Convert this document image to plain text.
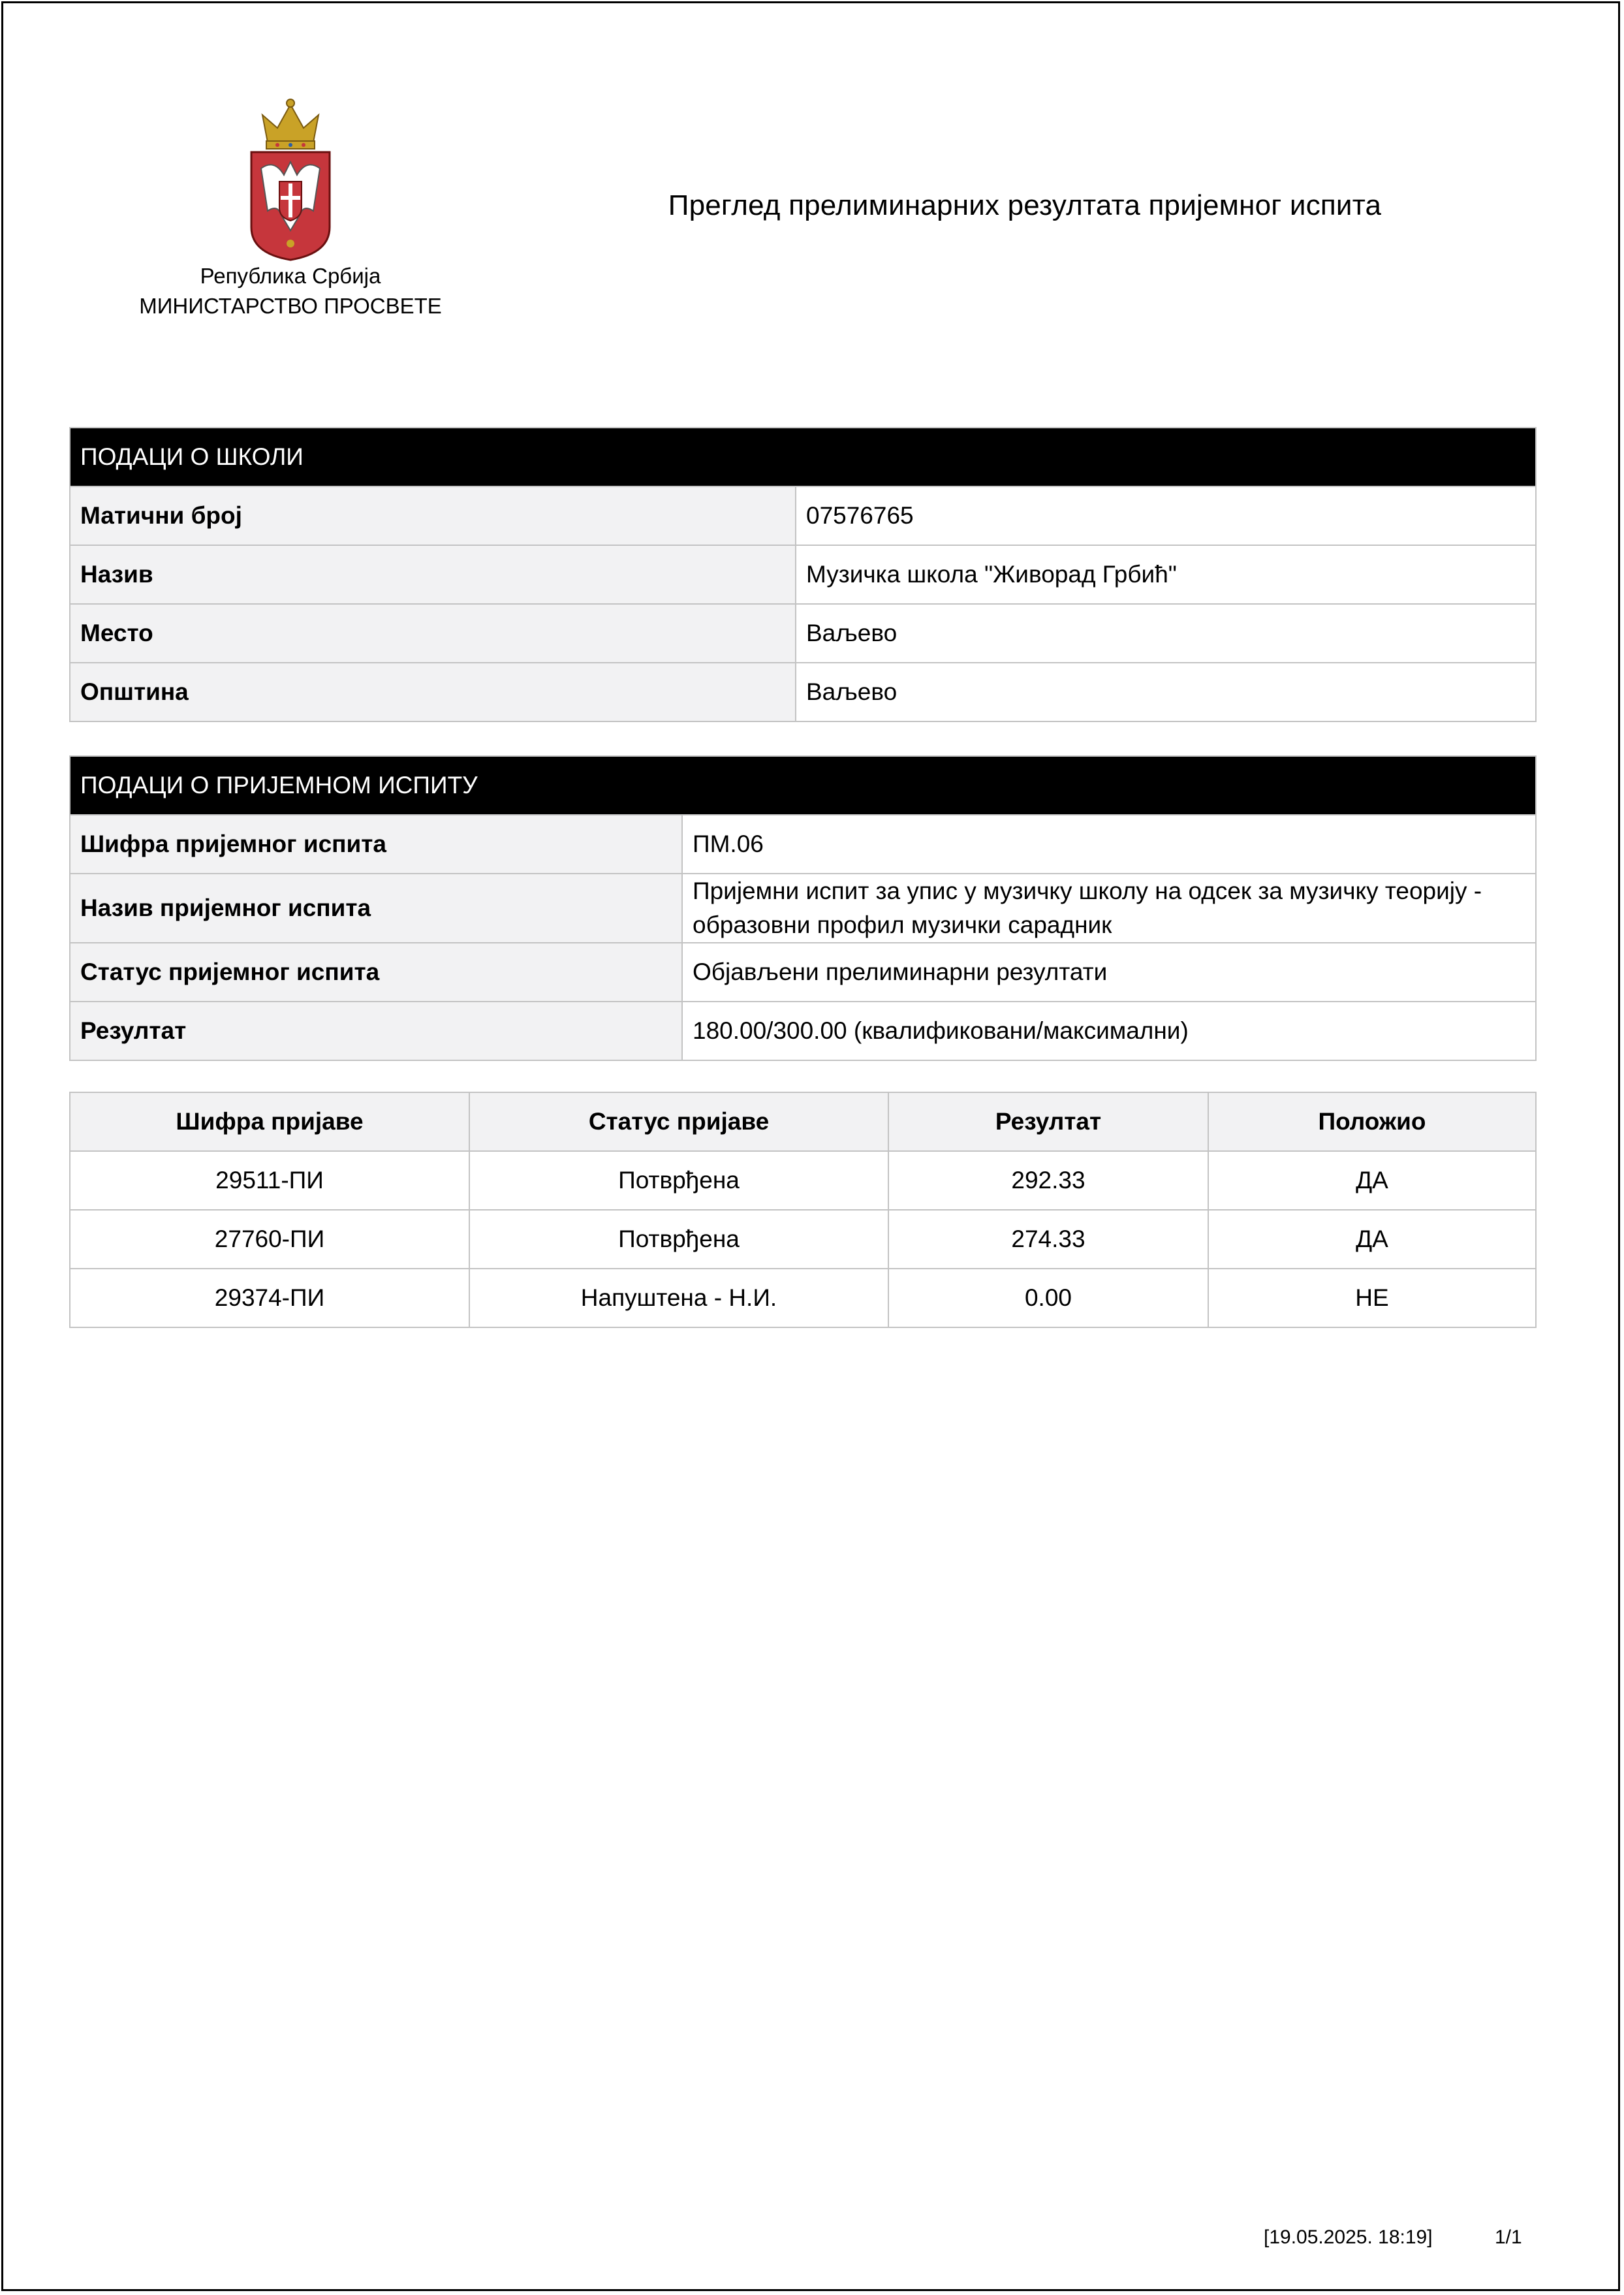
Република Србија
МИНИСТАРСТВО ПРОСВЕТЕ
Преглед прелиминарних резултата пријемног испита
ПОДАЦИ О ШКОЛИ	
Матични број	07576765
Назив	Музичка школа "Живорад Грбић"
Место	Ваљево
Општина	Ваљево
ПОДАЦИ О ПРИЈЕМНОМ ИСПИТУ	
Шифра пријемног испита	ПМ.06
Назив пријемног испита	Пријемни испит за упис у музичку школу на одсек за музичку теорију - образовни профил музички сарадник
Статус пријемног испита	Објављени прелиминарни резултати
Резултат	180.00/300.00 (квалификовани/максимални)
Шифра пријаве	Статус пријаве	Резултат	Положио
29511-ПИ	Потврђена	292.33	ДА
27760-ПИ	Потврђена	274.33	ДА
29374-ПИ	Напуштена - Н.И.	0.00	НЕ
[19.05.2025. 18:19]	1/1
